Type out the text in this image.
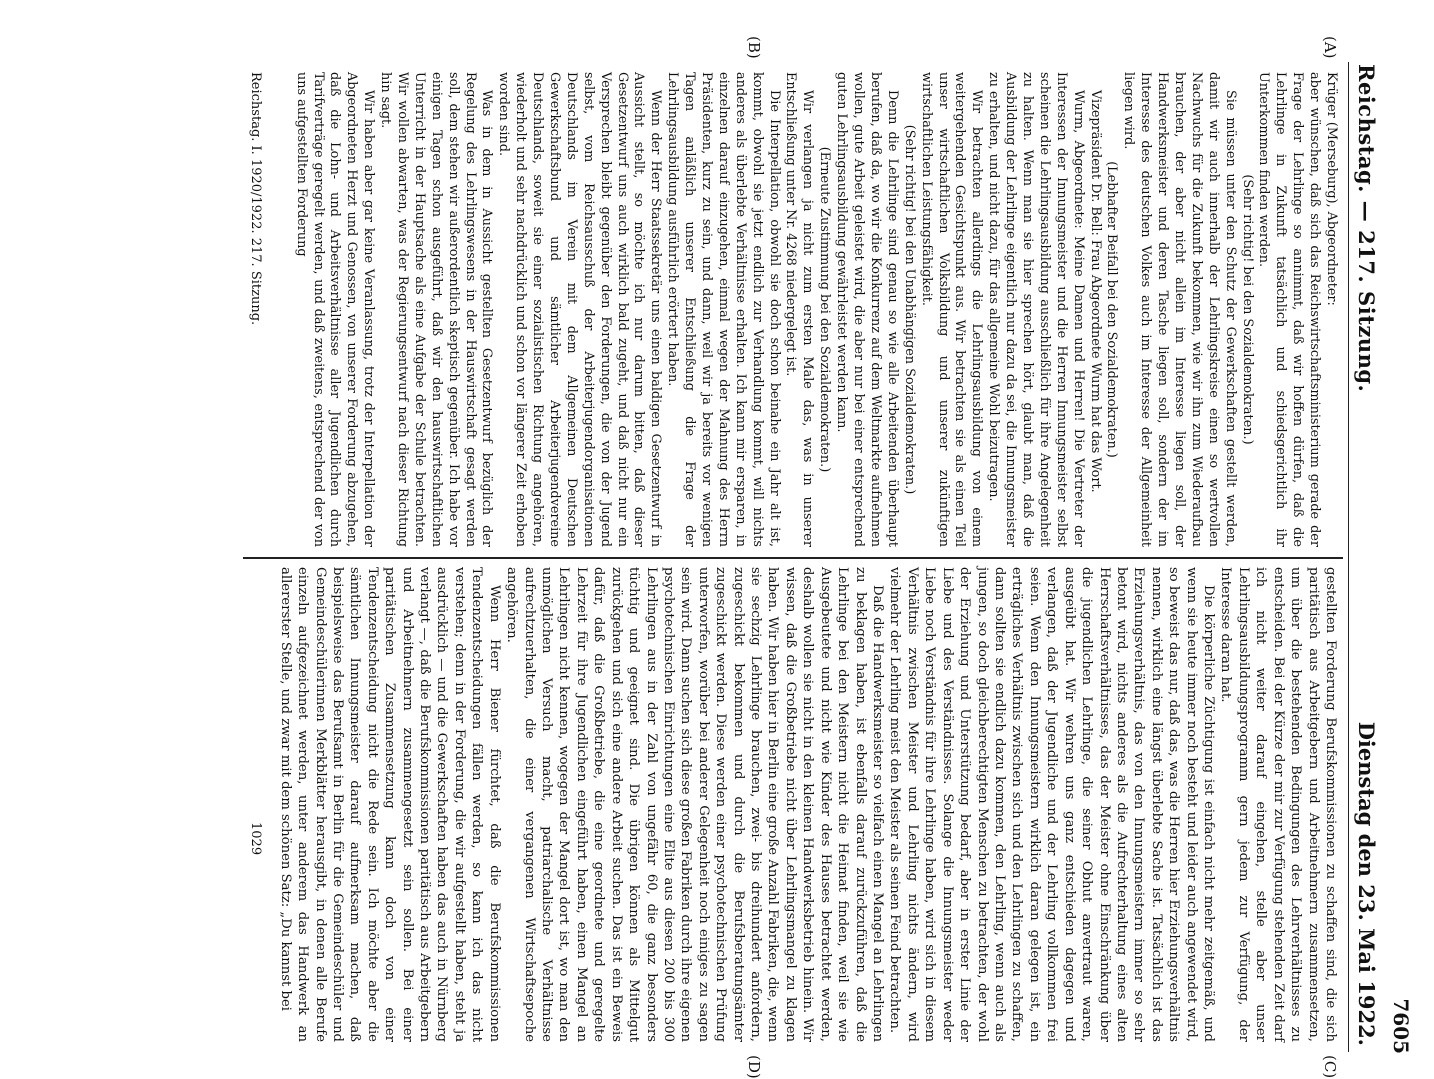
Reichstag. — 217. Sitzung.
Dienstag den 23. Mai 1922. 7605
(A)
(B)
(C)
(D)

Krüger (Merseburg), Abgeordneter:

aber wünschen, daß sich das Reichswirtschaftsministerium gerade der Frage der Lehrlinge so annimmt, daß wir hoffen dürfen, daß die Lehrlinge in Zukunft tatsächlich und schiedsgerichtlich ihr Unterkommen finden werden.

(Sehr richtig! bei den Sozialdemokraten.)

Sie müssen unter den Schutz der Gewerkschaften gestellt werden, damit wir auch innerhalb der Lehrlingskreise einen so wertvollen Nachwuchs für die Zukunft bekommen, wie wir ihn zum Wiederaufbau brauchen, der aber nicht allein im Interesse liegen soll, der Handwerksmeister und deren Tasche liegen soll, sondern der im Interesse des deutschen Volkes auch im Interesse der Allgemeinheit liegen wird.

(Lebhafter Beifall bei den Sozialdemokraten.)

Vizepräsident Dr. Bell: Frau Abgeordnete Wurm hat das Wort.

Wurm, Abgeordnete: Meine Damen und Herren! Die Vertreter der Interessen der Innungsmeister und die Herren Innungsmeister selbst scheinen die Lehrlingsausbildung ausschließlich für ihre Angelegenheit zu halten. Wenn man sie hier sprechen hört, glaubt man, daß die Ausbildung der Lehrlinge eigentlich nur dazu da sei, die Innungsmeister zu erhalten, und nicht dazu, für das allgemeine Wohl beizutragen.

Wir betrachten allerdings die Lehrlingsausbildung von einem weitergehenden Gesichtspunkt aus. Wir betrachten sie als einen Teil unser wirtschaftlichen Volksbildung und unserer zukünftigen wirtschaftlichen Leistungsfähigkeit.

(Sehr richtig! bei den Unabhängigen Sozialdemokraten.)

Denn die Lehrlinge sind genau so wie alle Arbeitenden überhaupt berufen, daß da, wo wir die Konkurrenz auf dem Weltmarkte aufnehmen wollen, gute Arbeit geleistet wird, die aber nur bei einer entsprechend guten Lehrlingsausbildung gewährleistet werden kann.

(Erneute Zustimmung bei den Sozialdemokraten.)

Wir verlangen ja nicht zum ersten Male das, was in unserer Entschließung unter Nr. 4268 niedergelegt ist.

Die Interpellation, obwohl sie doch schon beinahe ein Jahr alt ist, kommt, obwohl sie jetzt endlich zur Verhandlung kommt, will nichts anderes als überlebte Verhältnisse erhalten. Ich kann mir ersparen, in einzelnen darauf einzugehen, einmal wegen der Mahnung des Herrn Präsidenten, kurz zu sein, und dann, weil wir ja bereits vor wenigen Tagen anläßlich unserer Entschließung die Frage der Lehrlingsausbildung ausführlich erörtert haben.

Wenn der Herr Staatssekretär uns einen baldigen Gesetzentwurf in Aussicht stellt, so möchte ich nur darum bitten, daß dieser Gesetzentwurf uns auch wirklich bald zugeht, und daß nicht nur ein Versprechen bleibt gegenüber den Forderungen, die von der Jugend selbst, vom Reichsausschuß der Arbeiterjugendorganisationen Deutschlands im Verein mit dem Allgemeinen Deutschen Gewerkschaftsbund und sämtlicher Arbeiterjugendvereine Deutschlands, soweit sie einer sozialistischen Richtung angehören, wiederholt und sehr nachdrücklich und schon vor längerer Zeit erhoben worden sind.

Was in dem in Aussicht gestellten Gesetzentwurf bezüglich der Regelung des Lehrlingswesens in der Hauswirtschaft gesagt werden soll, dem stehen wir außerordentlich skeptisch gegenüber. Ich habe vor einigen Tagen schon ausgeführt, daß wir den hauswirtschaftlichen Unterricht in der Hauptsache als eine Aufgabe der Schule betrachten. Wir wollen abwarten, was der Regierungsentwurf nach dieser Richtung hin sagt.

Wir haben aber gar keine Veranlassung, trotz der Interpellation der Abgeordneten Herzt und Genossen, von unserer Forderung abzugehen, daß die Lohn- und Arbeitsverhältnisse aller Jugendlichen durch Tarifverträge geregelt werden, und daß zweitens, entsprechend der von uns aufgestellten Forderung

gestellten Forderung Berufskommissionen zu schaffen sind, die sich paritätisch aus Arbeitgebern und Arbeitnehmern zusammensetzen, um über die bestehenden Bedingungen des Lehrverhältnisses zu entscheiden. Bei der Kürze der mir zur Verfügung stehenden Zeit darf ich nicht weiter darauf eingehen, stelle aber unser Lehrlingsausbildungsprogramm gern jedem zur Verfügung, der Interesse daran hat.

Die körperliche Züchtigung ist einfach nicht mehr zeitgemäß, und wenn sie heute immer noch besteht und leider auch angewendet wird, so beweist das nur, daß das, was die Herren hier Erziehungsverhältnis nennen, wirklich eine längst überlebte Sache ist. Tatsächlich ist das Erziehungsverhältnis, das von den Innungsmeistern immer so sehr betont wird, nichts anderes als die Aufrechterhaltung eines alten Herrschaftsverhältnisses, das der Meister ohne Einschränkung über die jugendlichen Lehrlinge, die seiner Obhut anvertraut waren, ausgeübt hat. Wir wehren uns ganz entschieden dagegen und verlangen, daß der Jugendliche und der Lehrling vollkommen frei seien. Wenn den Innungsmeistern wirklich daran gelegen ist, ein erträgliches Verhältnis zwischen sich und den Lehrlingen zu schaffen, dann sollten sie endlich dazu kommen, den Lehrling, wenn auch als jungen, so doch gleichberechtigten Menschen zu betrachten, der wohl der Erziehung und Unterstützung bedarf, aber in erster Linie der Liebe und des Verständnisses. Solange die Innungsmeister weder Liebe noch Verständnis für ihre Lehrlinge haben, wird sich in diesem Verhältnis zwischen Meister und Lehrling nichts ändern, wird vielmehr der Lehrling meist den Meister als seinen Feind betrachten.

Daß die Handwerksmeister so vielfach einen Mangel an Lehrlingen zu beklagen haben, ist ebenfalls darauf zurückzuführen, daß die Lehrlinge bei den Meistern nicht die Heimat finden, weil sie wie Ausgebeutete und nicht wie Kinder des Hauses betrachtet werden, deshalb wollen sie nicht in den kleinen Handwerksbetrieb hinein. Wir wissen, daß die Großbetriebe nicht über Lehrlingsmangel zu klagen haben. Wir haben hier in Berlin eine große Anzahl Fabriken, die, wenn sie sechzig Lehrlinge brauchen, zwei- bis dreihundert anfordern, zugeschickt bekommen und durch die Berufsberatungsämter zugeschickt werden. Diese werden einer psychotechnischen Prüfung unterworfen, worüber bei anderer Gelegenheit noch einiges zu sagen sein wird. Dann suchen sich diese großen Fabriken durch ihre eigenen psychotechnischen Einrichtungen eine Elite aus diesen 200 bis 300 Lehrlingen aus in der Zahl von ungefähr 60, die ganz besonders tüchtig und geeignet sind. Die übrigen können als Mittelgut zurückgehen und sich eine andere Arbeit suchen. Das ist ein Beweis dafür, daß die Großbetriebe, die eine geordnete und geregelte Lehrzeit für ihre Jugendlichen eingeführt haben, einen Mangel an Lehrlingen nicht kennen, wogegen der Mangel dort ist, wo man den unmöglichen Versuch macht, patriarchalische Verhältnisse aufrechtzuerhalten, die einer vergangenen Wirtschaftsepoche angehören.

Wenn Herr Biener fürchtet, daß die Berufskommissionen Tendenzentscheidungen fällen werden, so kann ich das nicht verstehen; denn in der Forderung, die wir aufgestellt haben, steht ja ausdrücklich — und die Gewerkschaften haben das auch in Nürnberg verlangt —, daß die Berufskommissionen paritätisch aus Arbeitgebern und Arbeitnehmern zusammengesetzt sein sollen. Bei einer paritätischen Zusammensetzung kann doch von einer Tendenzentscheidung nicht die Rede sein. Ich möchte aber die sämtlichen Innungsmeister darauf aufmerksam machen, daß beispielsweise das Berufsamt in Berlin für die Gemeindeschüler und Gemeindeschülerinnen Merkblätter herausgibt, in denen alle Berufe einzeln aufgezeichnet werden, unter anderem das Handwerk an allererster Stelle, und zwar mit dem schönen Satz: „Du kannst bei

Reichstag. I. 1920/1922. 217. Sitzung.
1029
